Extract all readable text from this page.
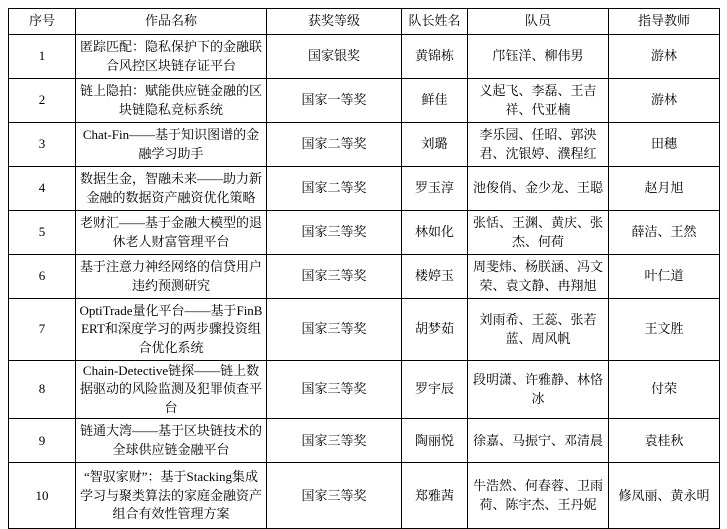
序号	作品名称	获奖等级	队长姓名	队员	指导教师
1	匿踪匹配：隐私保护下的金融联合风控区块链存证平台	国家银奖	黄锦栋	邝钰洋、柳伟男	游林
2	链上隐拍：赋能供应链金融的区块链隐私竞标系统	国家一等奖	鲜佳	义起飞、李磊、王吉祥、代亚楠	游林
3	Chat-Fin——基于知识图谱的金融学习助手	国家二等奖	刘璐	李乐园、任昭、郭泱君、沈银婷、濮程红	田穗
4	数据生金，智融未来——助力新金融的数据资产融资优化策略	国家二等奖	罗玉淳	池俊俏、金少龙、王聪	赵月旭
5	老财汇——基于金融大模型的退休老人财富管理平台	国家三等奖	林如化	张恬、王渊、黄庆、张杰、何荷	薛洁、王然
6	基于注意力神经网络的信贷用户违约预测研究	国家三等奖	楼婷玉	周斐炜、杨朕涵、冯文荣、袁文静、冉翔旭	叶仁道
7	OptiTrade量化平台——基于FinBERT和深度学习的两步骤投资组合优化系统	国家三等奖	胡梦茹	刘雨希、王蕊、张若蓝、周风帆	王文胜
8	Chain-Detective链探——链上数据驱动的风险监测及犯罪侦查平台	国家三等奖	罗宇辰	段明潇、许雅静、林恪冰	付荣
9	链通大湾——基于区块链技术的全球供应链金融平台	国家三等奖	陶丽悦	徐嘉、马振宁、邓清晨	袁桂秋
10	“智驭家财”：基于Stacking集成学习与聚类算法的家庭金融资产组合有效性管理方案	国家三等奖	郑雅茜	牛浩然、何春蓉、卫雨荷、陈宇杰、王丹妮	修凤丽、黄永明
